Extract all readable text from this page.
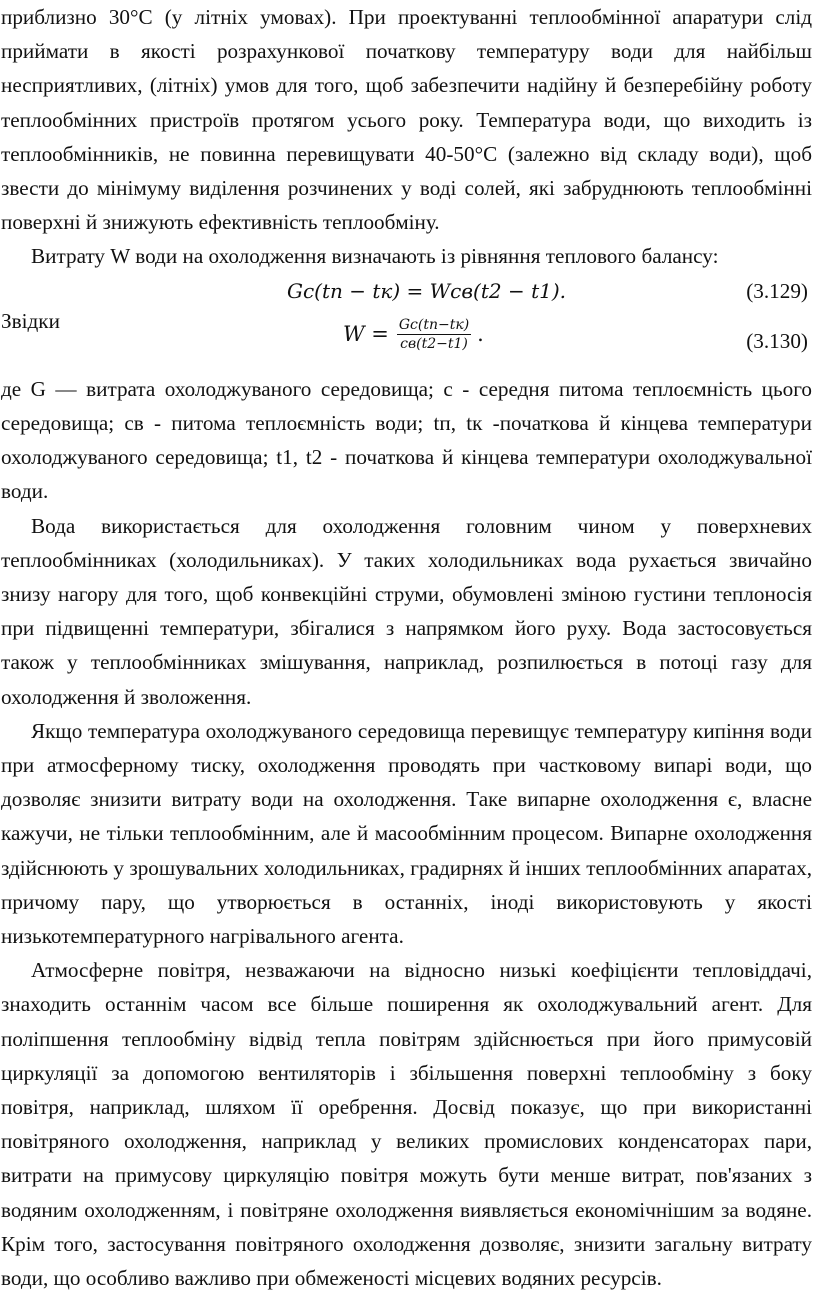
приблизно 30°С (у літніх умовах). При проектуванні теплообмінної апаратури слід приймати в якості розрахункової початкову температуру води для найбільш несприятливих, (літніх) умов для того, щоб забезпечити надійну й безперебійну роботу теплообмінних пристроїв протягом усього року. Температура води, що виходить із теплообмінників, не повинна перевищувати 40-50°С (залежно від складу води), щоб звести до мінімуму виділення розчинених у воді солей, які забруднюють теплообмінні поверхні й знижують ефективність теплообміну.

Витрату W води на охолодження визначають із рівняння теплового балансу:

Gc(tп − tк) = Wcв(t2 − t1).	(3.129)
Звідки
$W = \frac{Gc(tп-tк)}{cв(t2-t1)}$ .	(3.130)

де G — витрата охолоджуваного середовища; c - середня питома теплоємність цього середовища; cв - питома теплоємність води; tп, tк -початкова й кінцева температури охолоджуваного середовища; t1, t2 - початкова й кінцева температури охолоджувальної води.

Вода використається для охолодження головним чином у поверхневих теплообмінниках (холодильниках). У таких холодильниках вода рухається звичайно знизу нагору для того, щоб конвекційні струми, обумовлені зміною густини теплоносія при підвищенні температури, збігалися з напрямком його руху. Вода застосовується також у теплообмінниках змішування, наприклад, розпилюється в потоці газу для охолодження й зволоження.

Якщо температура охолоджуваного середовища перевищує температуру кипіння води при атмосферному тиску, охолодження проводять при частковому випарі води, що дозволяє знизити витрату води на охолодження. Таке випарне охолодження є, власне кажучи, не тільки теплообмінним, але й масообмінним процесом. Випарне охолодження здійснюють у зрошувальних холодильниках, градирнях й інших теплообмінних апаратах, причому пару, що утворюється в останніх, іноді використовують у якості низькотемпературного нагрівального агента.

Атмосферне повітря, незважаючи на відносно низькі коефіцієнти тепловіддачі, знаходить останнім часом все більше поширення як охолоджувальний агент. Для поліпшення теплообміну відвід тепла повітрям здійснюється при його примусовій циркуляції за допомогою вентиляторів і збільшення поверхні теплообміну з боку повітря, наприклад, шляхом її оребрення. Досвід показує, що при використанні повітряного охолодження, наприклад у великих промислових конденсаторах пари, витрати на примусову циркуляцію повітря можуть бути менше витрат, пов'язаних з водяним охолодженням, і повітряне охолодження виявляється економічнішим за водяне. Крім того, застосування повітряного охолодження дозволяє, знизити загальну витрату води, що особливо важливо при обмеженості місцевих водяних ресурсів.
